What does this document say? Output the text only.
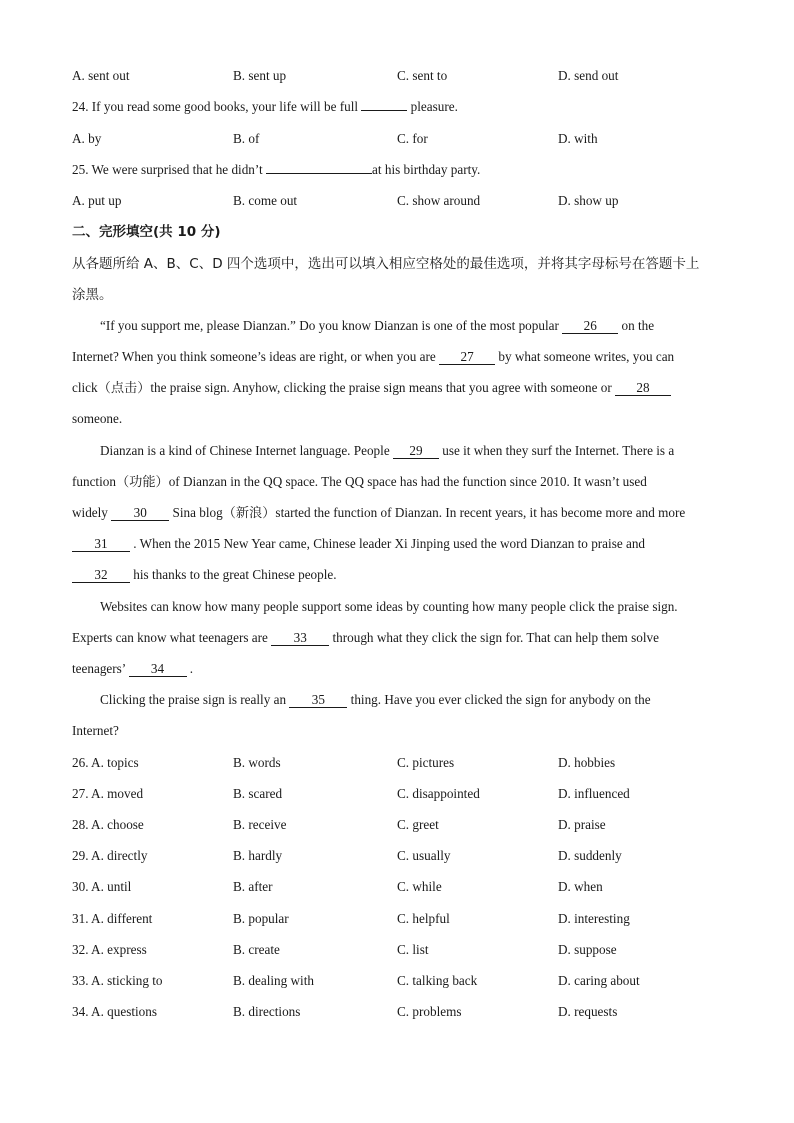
A. sent out	B. sent up	C. sent to	D. send out
24. If you read some good books, your life will be full	pleasure.
A. by	B. of	C. for	D. with
25. We were surprised that he didn’t	at his birthday party.
A. put up	B. come out	C. show around	D. show up
二、完形填空(共 10 分)
从各题所给 A、B、C、D 四个选项中，选出可以填入相应空格处的最佳选项，并将其字母标号在答题卡上
涂黑。
“If you support me, please Dianzan.” Do you know Dianzan is one of the most popular 26 on the
Internet? When you think someone’s ideas are right, or when you are 27 by what someone writes, you can
click（点击）the praise sign. Anyhow, clicking the praise sign means that you agree with someone or 28
someone.
Dianzan is a kind of Chinese Internet language. People 29 use it when they surf the Internet. There is a
function（功能）of Dianzan in the QQ space. The QQ space has had the function since 2010. It wasn’t used
widely 30 Sina blog（新浪）started the function of Dianzan. In recent years, it has become more and more
31 . When the 2015 New Year came, Chinese leader Xi Jinping used the word Dianzan to praise and
32 his thanks to the great Chinese people.
Websites can know how many people support some ideas by counting how many people click the praise sign.
Experts can know what teenagers are 33 through what they click the sign for. That can help them solve
teenagers’ 34 .
Clicking the praise sign is really an 35 thing. Have you ever clicked the sign for anybody on the
Internet?
26. A. topics	B. words	C. pictures	D. hobbies
27. A. moved	B. scared	C. disappointed	D. influenced
28. A. choose	B. receive	C. greet	D. praise
29. A. directly	B. hardly	C. usually	D. suddenly
30. A. until	B. after	C. while	D. when
31. A. different	B. popular	C. helpful	D. interesting
32. A. express	B. create	C. list	D. suppose
33. A. sticking to	B. dealing with	C. talking back	D. caring about
34. A. questions	B. directions	C. problems	D. requests
